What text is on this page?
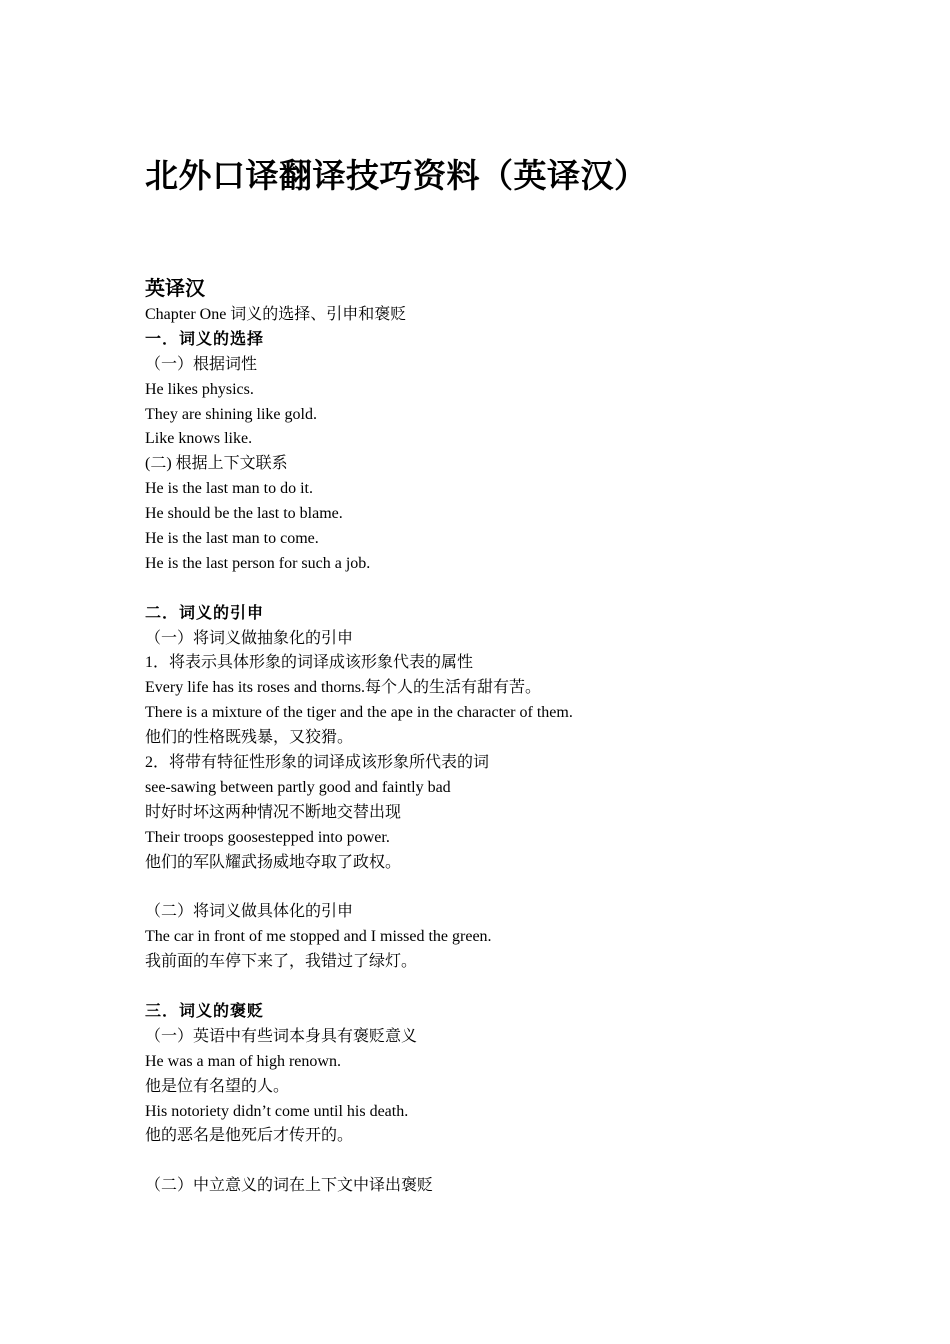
北外口译翻译技巧资料（英译汉）
英译汉
Chapter One 词义的选择、引申和褒贬
一．词义的选择
（一）根据词性
He likes physics.
They are shining like gold.
Like knows like.
(二) 根据上下文联系
He is the last man to do it.
He should be the last to blame.
He is the last man to come.
He is the last person for such a job.
二．词义的引申
（一）将词义做抽象化的引申
1．将表示具体形象的词译成该形象代表的属性
Every life has its roses and thorns.每个人的生活有甜有苦。
There is a mixture of the tiger and the ape in the character of them.
他们的性格既残暴，又狡猾。
2．将带有特征性形象的词译成该形象所代表的词
see-sawing between partly good and faintly bad
时好时坏这两种情况不断地交替出现
Their troops goosestepped into power.
他们的军队耀武扬威地夺取了政权。
（二）将词义做具体化的引申
The car in front of me stopped and I missed the green.
我前面的车停下来了，我错过了绿灯。
三．词义的褒贬
（一）英语中有些词本身具有褒贬意义
He was a man of high renown.
他是位有名望的人。
His notoriety didn’t come until his death.
他的恶名是他死后才传开的。
（二）中立意义的词在上下文中译出褒贬
